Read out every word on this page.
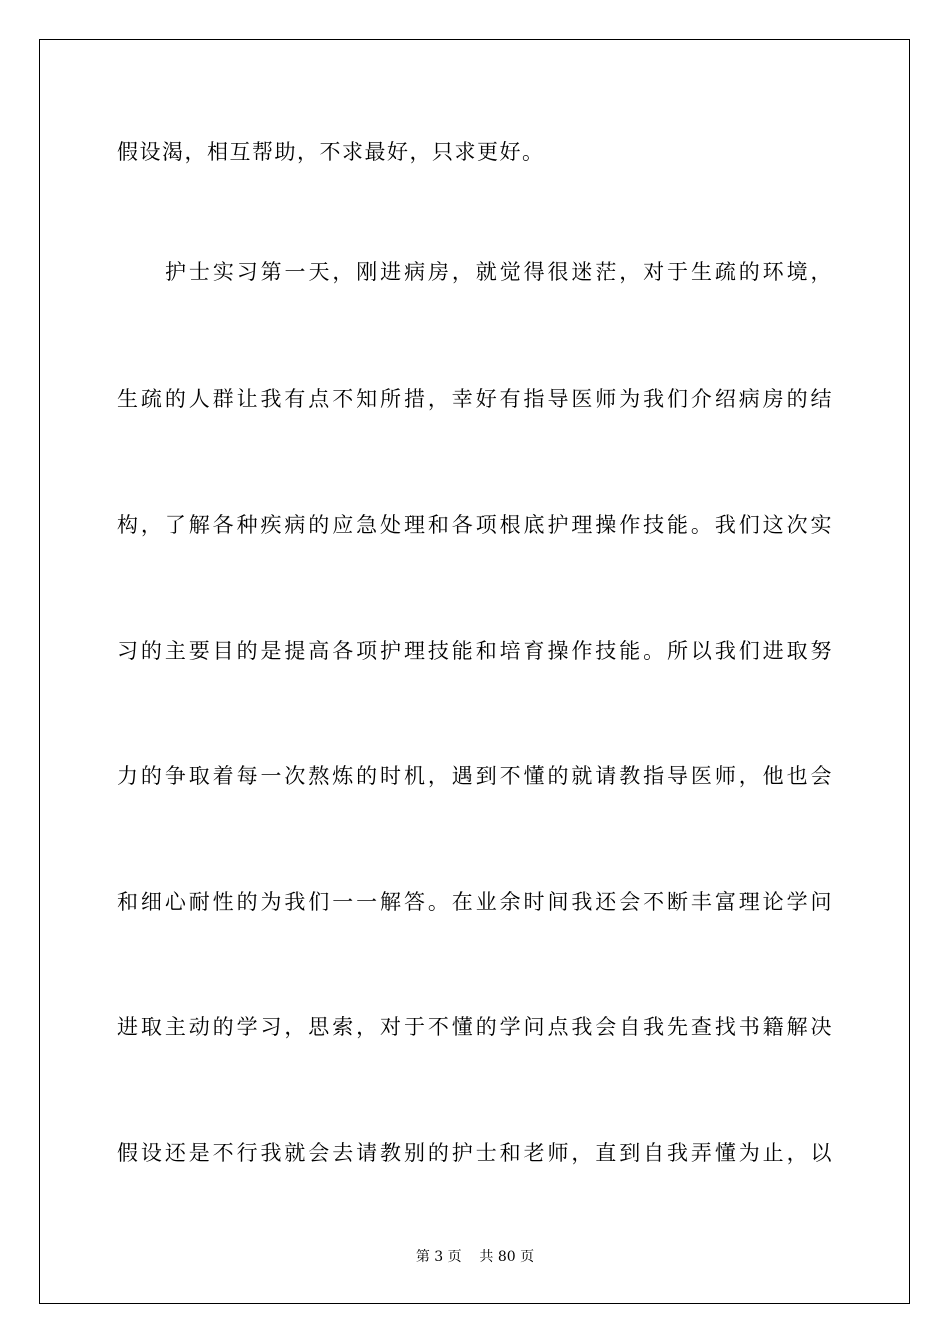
假设渴，相互帮助，不求最好，只求更好。
护士实习第一天，刚进病房，就觉得很迷茫，对于生疏的环境，
生疏的人群让我有点不知所措，幸好有指导医师为我们介绍病房的结
构，了解各种疾病的应急处理和各项根底护理操作技能。我们这次实
习的主要目的是提高各项护理技能和培育操作技能。所以我们进取努
力的争取着每一次熬炼的时机，遇到不懂的就请教指导医师，他也会
和细心耐性的为我们一一解答。在业余时间我还会不断丰富理论学问
进取主动的学习，思索，对于不懂的学问点我会自我先查找书籍解决
假设还是不行我就会去请教别的护士和老师，直到自我弄懂为止，以
第 3 页    共 80 页
